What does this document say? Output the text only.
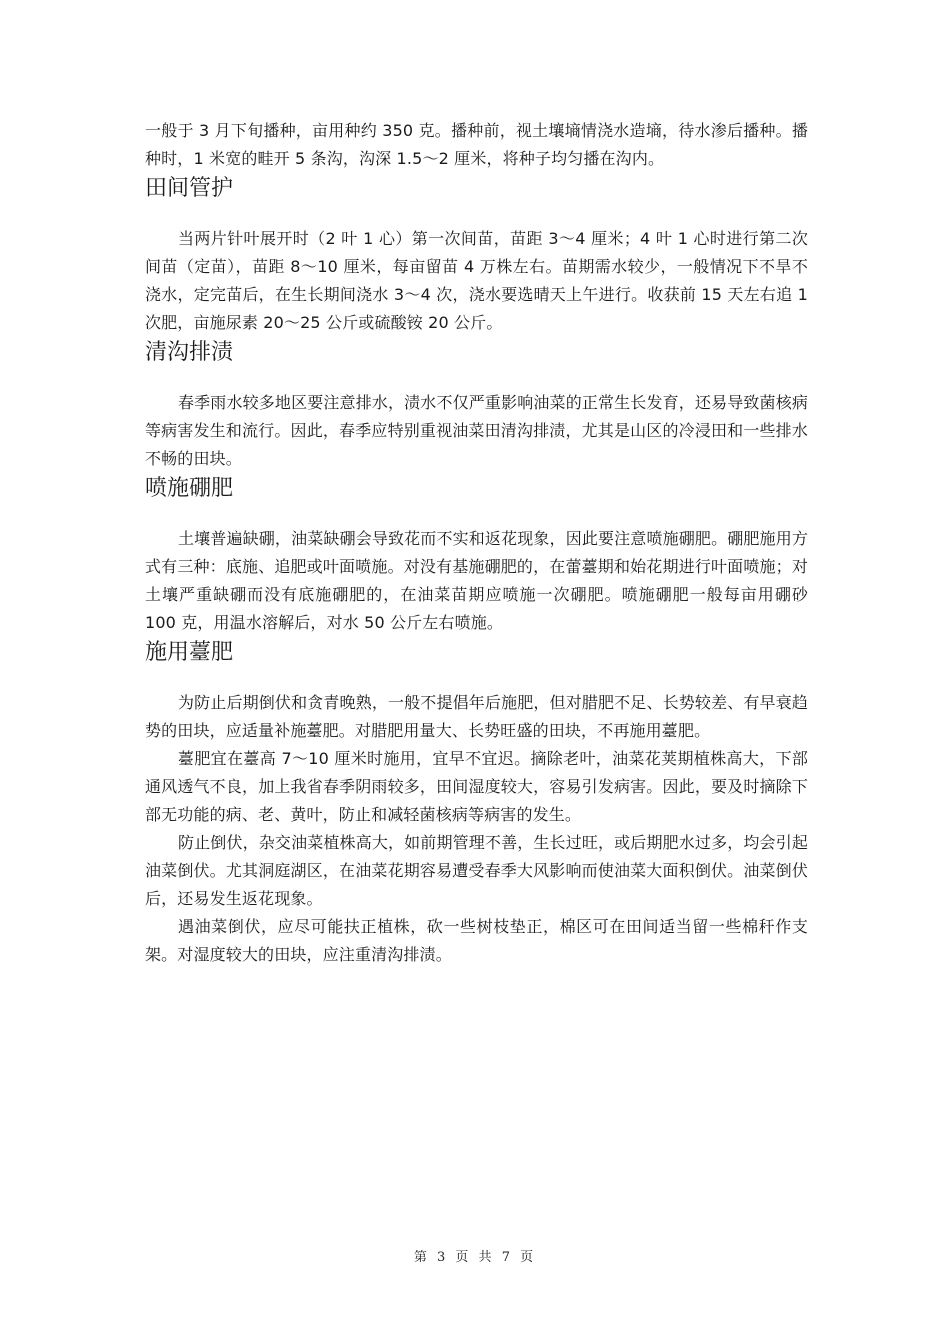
一般于 3 月下旬播种，亩用种约 350 克。播种前，视土壤墒情浇水造墒，待水渗后播种。播种时，1 米宽的畦开 5 条沟，沟深 1.5～2 厘米，将种子均匀播在沟内。

田间管护

当两片针叶展开时（2 叶 1 心）第一次间苗，苗距 3～4 厘米；4 叶 1 心时进行第二次间苗（定苗），苗距 8～10 厘米，每亩留苗 4 万株左右。苗期需水较少，一般情况下不旱不浇水，定完苗后，在生长期间浇水 3～4 次，浇水要选晴天上午进行。收获前 15 天左右追 1 次肥，亩施尿素 20～25 公斤或硫酸铵 20 公斤。

清沟排渍

春季雨水较多地区要注意排水，渍水不仅严重影响油菜的正常生长发育，还易导致菌核病等病害发生和流行。因此，春季应特别重视油菜田清沟排渍，尤其是山区的冷浸田和一些排水不畅的田块。

喷施硼肥

土壤普遍缺硼，油菜缺硼会导致花而不实和返花现象，因此要注意喷施硼肥。硼肥施用方式有三种：底施、追肥或叶面喷施。对没有基施硼肥的，在蕾薹期和始花期进行叶面喷施；对土壤严重缺硼而没有底施硼肥的，在油菜苗期应喷施一次硼肥。喷施硼肥一般每亩用硼砂 100 克，用温水溶解后，对水 50 公斤左右喷施。

施用薹肥

为防止后期倒伏和贪青晚熟，一般不提倡年后施肥，但对腊肥不足、长势较差、有早衰趋势的田块，应适量补施薹肥。对腊肥用量大、长势旺盛的田块，不再施用薹肥。

薹肥宜在薹高 7～10 厘米时施用，宜早不宜迟。摘除老叶，油菜花荚期植株高大，下部通风透气不良，加上我省春季阴雨较多，田间湿度较大，容易引发病害。因此，要及时摘除下部无功能的病、老、黄叶，防止和减轻菌核病等病害的发生。

防止倒伏，杂交油菜植株高大，如前期管理不善，生长过旺，或后期肥水过多，均会引起油菜倒伏。尤其洞庭湖区，在油菜花期容易遭受春季大风影响而使油菜大面积倒伏。油菜倒伏后，还易发生返花现象。

遇油菜倒伏，应尽可能扶正植株，砍一些树枝垫正，棉区可在田间适当留一些棉秆作支架。对湿度较大的田块，应注重清沟排渍。

第 3 页 共 7 页
